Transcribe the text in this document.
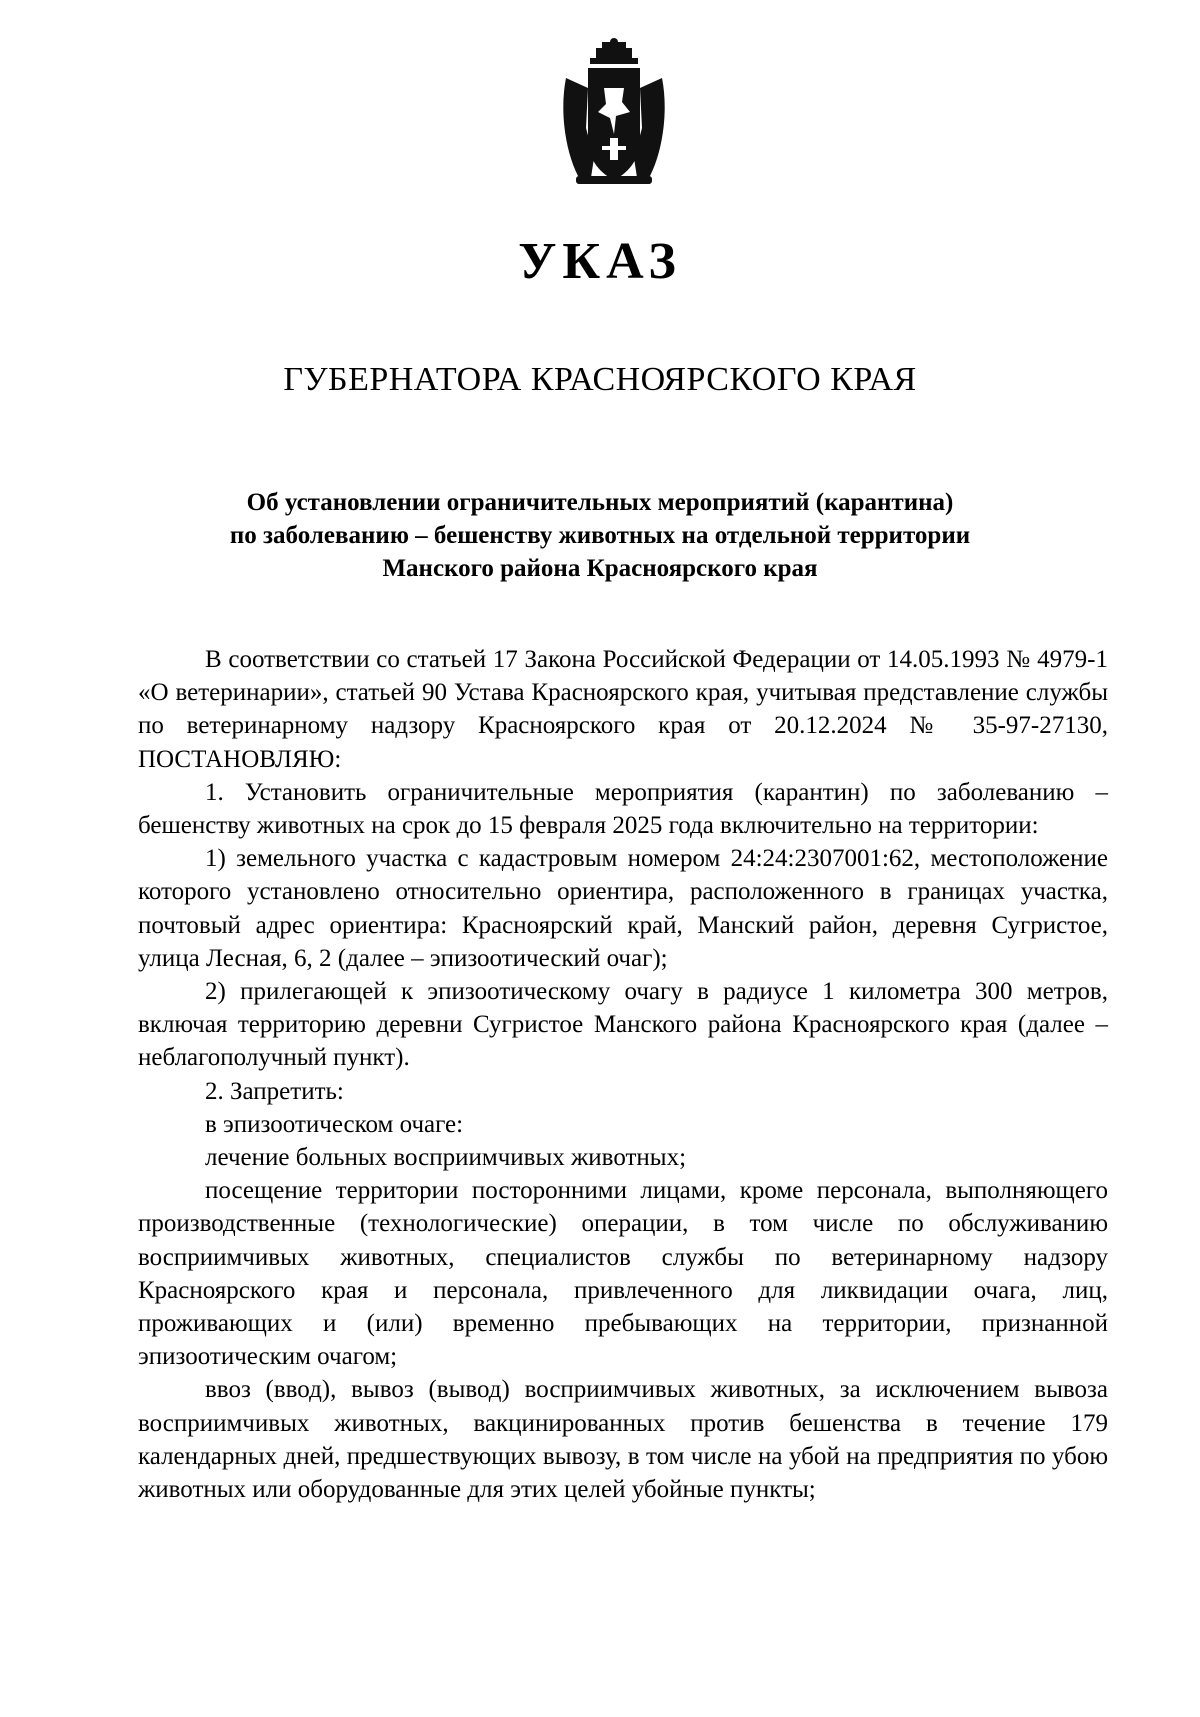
УКАЗ
ГУБЕРНАТОРА КРАСНОЯРСКОГО КРАЯ
Об установлении ограничительных мероприятий (карантина)
по заболеванию – бешенству животных на отдельной территории
Манского района Красноярского края

В соответствии со статьей 17 Закона Российской Федерации от 14.05.1993 № 4979-1 «О ветеринарии», статьей 90 Устава Красноярского края, учитывая представление службы по ветеринарному надзору Красноярского края от 20.12.2024 № 35-97-27130, ПОСТАНОВЛЯЮ:

1. Установить ограничительные мероприятия (карантин) по заболеванию – бешенству животных на срок до 15 февраля 2025 года включительно на территории:

1) земельного участка с кадастровым номером 24:24:2307001:62, местоположение которого установлено относительно ориентира, расположенного в границах участка, почтовый адрес ориентира: Красноярский край, Манский район, деревня Сугристое, улица Лесная, 6, 2 (далее – эпизоотический очаг);

2) прилегающей к эпизоотическому очагу в радиусе 1 километра 300 метров, включая территорию деревни Сугристое Манского района Красноярского края (далее – неблагополучный пункт).

2. Запретить:

в эпизоотическом очаге:

лечение больных восприимчивых животных;

посещение территории посторонними лицами, кроме персонала, выполняющего производственные (технологические) операции, в том числе по обслуживанию восприимчивых животных, специалистов службы по ветеринарному надзору Красноярского края и персонала, привлеченного для ликвидации очага, лиц, проживающих и (или) временно пребывающих на территории, признанной эпизоотическим очагом;

ввоз (ввод), вывоз (вывод) восприимчивых животных, за исключением вывоза восприимчивых животных, вакцинированных против бешенства в течение 179 календарных дней, предшествующих вывозу, в том числе на убой на предприятия по убою животных или оборудованные для этих целей убойные пункты;
